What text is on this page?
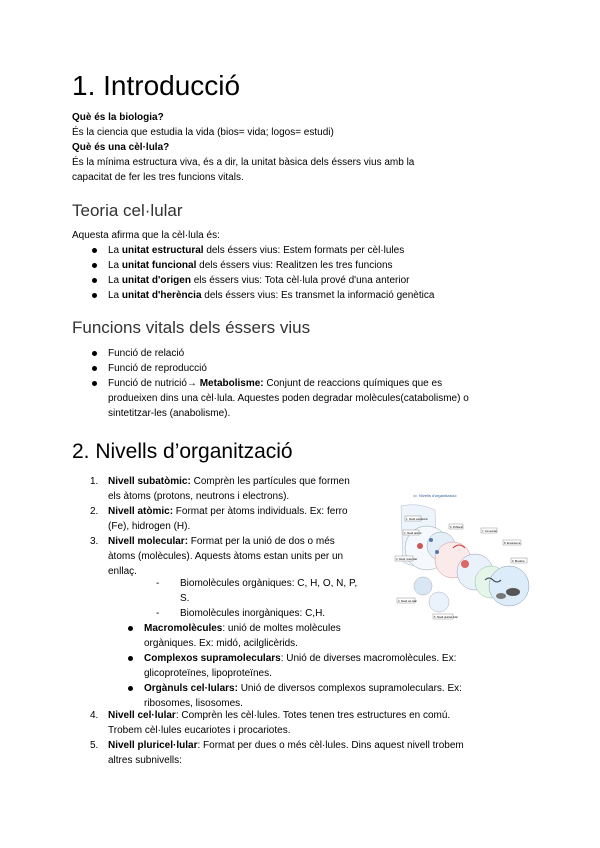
1. Introducció
Què és la biologia?
És la ciencia que estudia la vida (bios= vida; logos= estudi)
Què és una cèl·lula?
És la mínima estructura viva, és a dir, la unitat bàsica dels éssers vius amb la
capacitat de fer les tres funcions vitals.
Teoria cel·lular
Aquesta afirma que la cèl·lula és:
La unitat estructural dels éssers vius: Estem formats per cèl·lules
La unitat funcional dels éssers vius: Realitzen les tres funcions
La unitat d'origen els éssers vius: Tota cèl·lula prové d'una anterior
La unitat d'herència dels éssers vius: Es transmet la informació genètica
Funcions vitals dels éssers vius
Funció de relació
Funció de reproducció
Funció de nutrició→ Metabolisme: Conjunt de reaccions químiques que es
produeixen dins una cèl·lula. Aquestes poden degradar molècules(catabolisme) o
sintetitzar-les (anabolisme).
2. Nivells d’organització
1. Nivell subatòmic: Comprèn les partícules que formen
els àtoms (protons, neutrons i electrons).
2. Nivell atòmic: Format per àtoms individuals. Ex: ferro
(Fe), hidrogen (H).
3. Nivell molecular: Format per la unió de dos o més
àtoms (molècules). Aquests àtoms estan units per un
enllaç.
- Biomolècules orgàniques: C, H, O, N, P,
S.
- Biomolècules inorgàniques: C,H.
Macromolècules: unió de moltes molècules
orgàniques. Ex: midó, acilglicèrids.
Complexos supramoleculars: Unió de diverses macromolècules. Ex:
glicoproteïnes, lipoproteïnes.
Orgànuls cel·lulars: Unió de diversos complexos supramoleculars. Ex:
ribosomes, lisosomes.
4. Nivell cel·lular: Comprèn les cèl·lules. Totes tenen tres estructures en comú.
Trobem cèl·lules eucariotes i procariotes.
5. Nivell pluricel·lular: Format per dues o més cèl·lules. Dins aquest nivell trobem
altres subnivells:
Nivells d'organització
1. Nivell subatòmic
2. Nivell atòmic
3. Nivell molecular
4. Nivell cel·lular
5. Nivell pluricel·lular
6. Població
7. Comunitat
8. Ecosistema
9. Biosfera
